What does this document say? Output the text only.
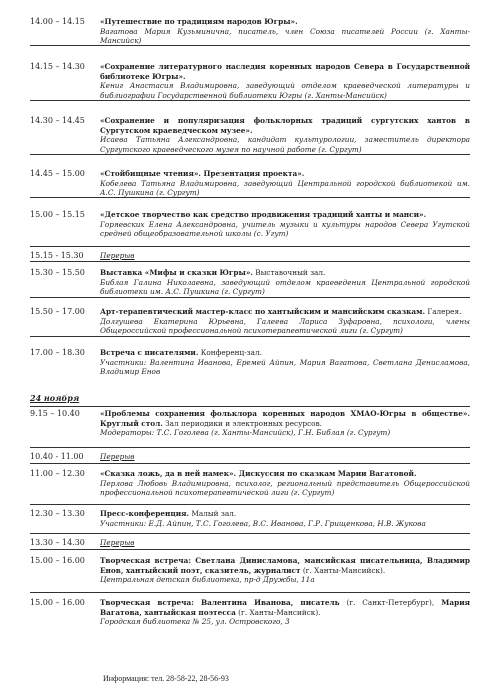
14.00 – 14.15	«Путешествие по традициям народов Югры».
Вагатова Мария Кузьминична, писатель, член Союза писателей России (г. Ханты-Мансийск)
14.15 – 14.30	«Сохранение литературного наследия коренных народов Севера в Государственной библиотеке Югры».
Кениг Анастасия Владимировна, заведующий отделом краеведческой литературы и библиографии Государственной библиотеки Югры (г. Ханты-Мансийск)
14.30 – 14.45	«Сохранение и популяризация фольклорных традиций сургутских хантов в Сургутском краеведческом музее».
Исаева Татьяна Александровна, кандидат культурологии, заместитель директора Сургутского краеведческого музея по научной работе (г. Сургут)
14.45 – 15.00	«Стойбищные чтения». Презентация проекта».
Кобелева Татьяна Владимировна, заведующий Центральной городской библиотекой им. А.С. Пушкина (г. Сургут)
15.00 – 15.15	«Детское творчество как средство продвижения традиций ханты и манси».
Горяевских Елена Александровна, учитель музыки и культуры народов Севера Угутской средней общеобразовательной школы (с. Угут)
15.15 - 15.30	Перерыв
15.30 – 15.50	Выставка «Мифы и сказки Югры». Выставочный зал.
Библая Галина Николаевна, заведующий отделом краеведения Центральной городской библиотеки им. А.С. Пушкина (г. Сургут)
15.50 – 17.00	Арт-терапевтический мастер-класс по хантыйским и мансийским сказкам. Галерея.
Долгушева Екатерина Юрьевна, Галеева Лариса Зуфаровна, психологи, члены Общероссийской профессиональной психотерапевтической лиги (г. Сургут)
17.00 – 18.30	Встреча с писателями. Конференц-зал.
Участники: Валентина Иванова, Еремей Айпин, Мария Вагатова, Светлана Денисламова, Владимир Енов
24 ноября
9.15 – 10.40	«Проблемы сохранения фольклора коренных народов ХМАО-Югры в обществе». Круглый стол. Зал периодики и электронных ресурсов.
Модераторы: Т.С. Гоголева (г. Ханты-Мансийск), Г.Н. Библая (г. Сургут)
10.40 - 11.00	Перерыв
11.00 – 12.30	«Сказка ложь, да в ней намек». Дискуссия по сказкам Марии Вагатовой.
Перлова Любовь Владимировна, психолог, региональный представитель Общероссийской профессиональной психотерапевтической лиги (г. Сургут)
12.30 – 13.30	Пресс-конференция. Малый зал.
Участники: Е.Д. Айпин, Т.С. Гоголева, В.С. Иванова, Г.Р. Грищенкова, Н.В. Жукова
13.30 – 14.30	Перерыв
15.00 – 16.00	Творческая встреча: Светлана Динисламова, мансийская писательница, Владимир Енов, хантыйский поэт, сказитель, журналист (г. Ханты-Мансийск).
Центральная детская библиотека, пр-д Дружбы, 11а
15.00 – 16.00	Творческая встреча: Валентина Иванова, писатель (г. Санкт-Петербург), Мария Вагатова, хантыйская поэтесса (г. Ханты-Мансийск).
Городская библиотека № 25, ул. Островского, 3
Информация: тел. 28-58-22, 28-56-93
